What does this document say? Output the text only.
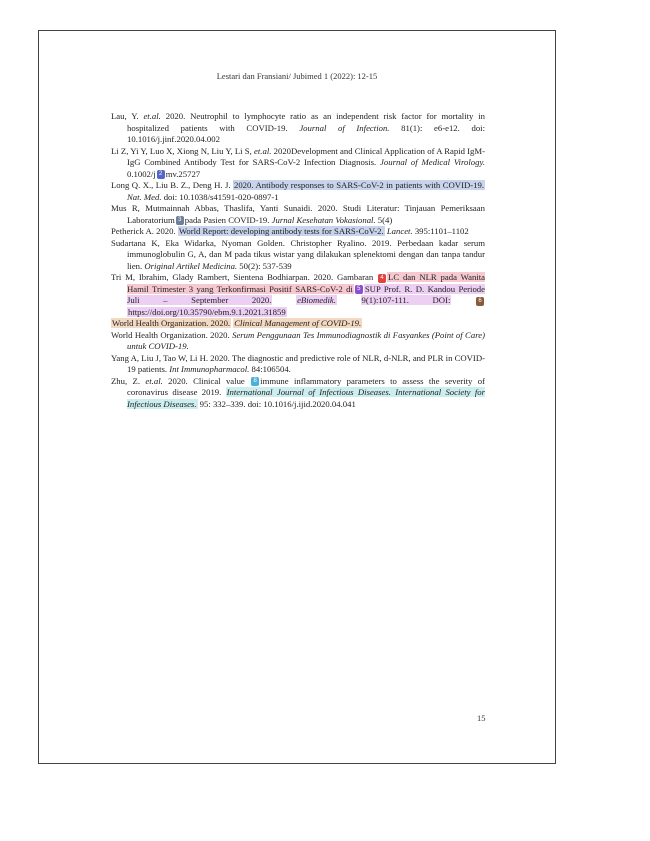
Lestari dan Fransiani/ Jubimed 1 (2022): 12-15

Lau, Y. et.al. 2020. Neutrophil to lymphocyte ratio as an independent risk factor for mortality in hospitalized patients with COVID-19. Journal of Infection. 81(1): e6-e12. doi: 10.1016/j.jinf.2020.04.002

Li Z, Yi Y, Luo X, Xiong N, Liu Y, Li S, et.al. 2020Development and Clinical Application of A Rapid IgM-IgG Combined Antibody Test for SARS-CoV-2 Infection Diagnosis. Journal of Medical Virology. 0.1002/j 2 mv.25727

Long Q. X., Liu B. Z., Deng H. J. 2020. Antibody responses to SARS-CoV-2 in patients with COVID-19. Nat. Med. doi: 10.1038/s41591-020-0897-1

Mus R, Mutmainnah Abbas, Thaslifa, Yanti Sunaidi. 2020. Studi Literatur: Tinjauan Pemeriksaan Laboratorium 3 pada Pasien COVID-19. Jurnal Kesehatan Vokasional. 5(4)

Petherick A. 2020. World Report: developing antibody tests for SARS-CoV-2. Lancet. 395:1101–1102

Sudartana K, Eka Widarka, Nyoman Golden. Christopher Ryalino. 2019. Perbedaan kadar serum immunoglobulin G, A, dan M pada tikus wistar yang dilakukan splenektomi dengan dan tanpa tandur lien. Original Artikel Medicina. 50(2): 537-539

Tri M, Ibrahim, Glady Rambert, Sientena Bodhiarpan. 2020. Gambaran 4 LC dan NLR pada Wanita Hamil Trimester 3 yang Terkonfirmasi Positif SARS-CoV-2 di 5 SUP Prof. R. D. Kandou Periode Juli – September 2020.	eBiomedik.	9(1):107-111. DOI:	6https://doi.org/10.35790/ebm.9.1.2021.31859

World Health Organization. 2020. Clinical Management of COVID-19.

World Health Organization. 2020. Serum Penggunaan Tes Immunodiagnostik di Fasyankes (Point of Care) untuk COVID-19.

Yang A, Liu J, Tao W, Li H. 2020. The diagnostic and predictive role of NLR, d-NLR, and PLR in COVID-19 patients. Int Immunopharmacol. 84:106504.

Zhu, Z. et.al. 2020. Clinical value 8 immune inflammatory parameters to assess the severity of coronavirus disease 2019. International Journal of Infectious Diseases. International Society for Infectious Diseases. 95: 332–339. doi: 10.1016/j.ijid.2020.04.041

15
